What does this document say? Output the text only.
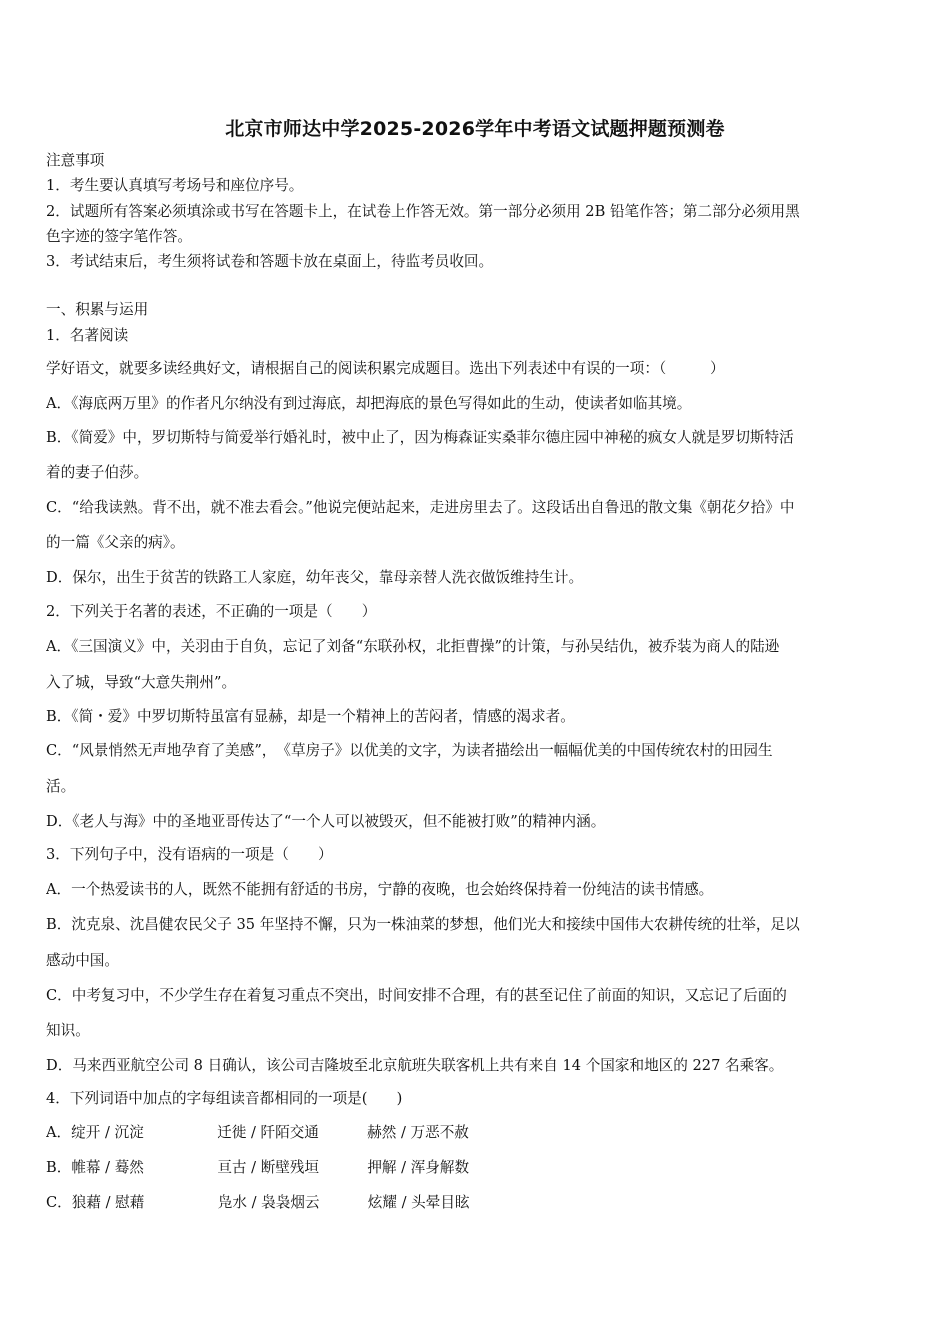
北京市师达中学2025-2026学年中考语文试题押题预测卷
注意事项
1．考生要认真填写考场号和座位序号。
2．试题所有答案必须填涂或书写在答题卡上，在试卷上作答无效。第一部分必须用 2B 铅笔作答；第二部分必须用黑
色字迹的签字笔作答。
3．考试结束后，考生须将试卷和答题卡放在桌面上，待监考员收回。
一、积累与运用
1．名著阅读
学好语文，就要多读经典好文，请根据自己的阅读积累完成题目。选出下列表述中有误的一项：（　　　）
A．《海底两万里》的作者凡尔纳没有到过海底，却把海底的景色写得如此的生动，使读者如临其境。
B．《简爱》中，罗切斯特与简爱举行婚礼时，被中止了，因为梅森证实桑菲尔德庄园中神秘的疯女人就是罗切斯特活
着的妻子伯莎。
C．“给我读熟。背不出，就不准去看会。”他说完便站起来，走进房里去了。这段话出自鲁迅的散文集《朝花夕拾》中
的一篇《父亲的病》。
D．保尔，出生于贫苦的铁路工人家庭，幼年丧父，靠母亲替人洗衣做饭维持生计。
2．下列关于名著的表述，不正确的一项是（　　）
A．《三国演义》中，关羽由于自负，忘记了刘备“东联孙权，北拒曹操”的计策，与孙吴结仇，被乔装为商人的陆逊
入了城，导致“大意失荆州”。
B．《简・爱》中罗切斯特虽富有显赫，却是一个精神上的苦闷者，情感的渴求者。
C．“风景悄然无声地孕育了美感”，　《草房子》以优美的文字，为读者描绘出一幅幅优美的中国传统农村的田园生
活。
D．《老人与海》中的圣地亚哥传达了“一个人可以被毁灭，但不能被打败”的精神内涵。
3．下列句子中，没有语病的一项是（　　）
A．一个热爱读书的人，既然不能拥有舒适的书房，宁静的夜晚，也会始终保持着一份纯洁的读书情感。
B．沈克泉、沈昌健农民父子 35 年坚持不懈，只为一株油菜的梦想，他们光大和接续中国伟大农耕传统的壮举，足以
感动中国。
C．中考复习中，不少学生存在着复习重点不突出，时间安排不合理，有的甚至记住了前面的知识，又忘记了后面的
知识。
D．马来西亚航空公司 8 日确认，该公司吉隆坡至北京航班失联客机上共有来自 14 个国家和地区的 227 名乘客。
4．下列词语中加点的字每组读音都相同的一项是(　　)
A．绽开 / 沉淀	迁徙 / 阡陌交通	赫然 / 万恶不赦
B．帷幕 / 蓦然	亘古 / 断壁残垣	押解 / 浑身解数
C．狼藉 / 慰藉	凫水 / 袅袅烟云	炫耀 / 头晕目眩
